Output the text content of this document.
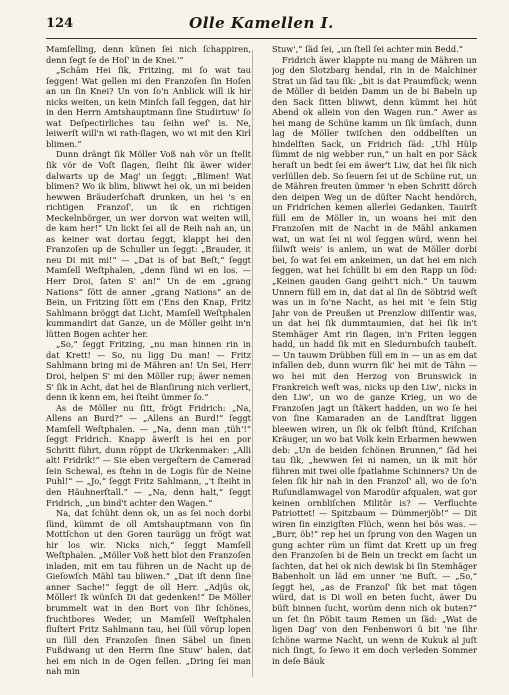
124	Olle Kamellen I.

Mamſelling, denn künen ſei nich ſchappiren, denn ſegt ſe de Hoſ' in de Knei.'“

„Schäm Hei ſik, Fritzing, mi ſo wat tau ſeggen! Wat gellen mi den Franzoſen ſin Hoſen an un ſin Knei? Un von ſo'n Anblick will ik hir nicks weiten, un kein Minſch ſall ſeggen, dat hir in den Herrn Amtshauptmann ſine Studirtuw' ſo wat Deſpectirliches tau ſeihn weſ' is. Ne, leiwerſt will'n wi rath-ſlagen, wo wi mit den Kirl blimen.“

Dunn drängt ſik Möller Voß nah vör un ſtellt ſik vör de Voſt ſlagen, ſleiht ſik äwer wider dalwarts up de Mag' un ſeggt: „Blimen! Wat blimen? Wo ik blim, bliwwt hei ok, un mi beiden hewwen Bräuderſchaft drunken, un hei 's en richtigen Franzoſ', un ik en richtigen Meckelnbörger, un wer dorvon wat weiten will, de kam her!“ Un lickt ſei all de Reih nah an, un as keiner wat dortau ſeggt, klappt hei den Franzoſen up de Schuller un ſeggt: „Brauder, it neu Di mit mi!“ — „Dat is of bat Beſt,“ ſeggt Mamſell Weſtphalen, „denn ſünd wi en los. — Herr Droi, ſaten S' an!“ Un de em „grang Nations“ ſött de anner „grang Nations“ an de Bein, un Fritzing ſött em ('Ens den Knap, Fritz Sahlmann bröggt dat Licht, Mamſell Weſtphalen kummandirt dat Ganze, un de Möller geiht in'n lütten Bogen achter her.

„So,“ ſeggt Fritzing, „nu man hinnen rin in dat Krett! — So, nu ligg Du man! — Fritz Sahlmann bring mi de Mähren an! Un Sei, Herr Droi, helpen S' mi den Möller rup; äwer nemen S' ſik in Acht, dat hei de Blanſirung nich verliert, denn ik kenn em, hei ſteiht ümmer ſo.“

As de Möller nu ſitt, frögt Fridrich: „Na, Allens an Burd?“ — „Allens an Burd!“ ſeggt Mamſell Weſtphalen. — „Na, denn man ‚tüh‘!“ ſeggt Fridrich. Knapp äwerſt is hei en por Schritt führt, dunn röppt de Ukrkenmaker: „Alli alt! Fridrik!“ — Sie eben vergeſtern de Camerad ſein Schewal, es ſtehn in de Logis für de Neine Puhl!“ — „Jo,“ ſeggt Fritz Sahlmann, „'t ſteiht in den Häuhnerſtall.“ — „Na, denn halt,“ ſeggt Fridrich, „un bind't achter den Wagen.“

Na, dat ſchüht denn ok, un as ſei noch dorbi ſünd, kümmt de oll Amtshauptmann von ſin Mottſchon ut den Goren taurügg un frögt wat hir los wir. Nicks nich,“ ſeggt Mamſell Weſtphalen. „Möller Voß hett blot den Franzoſen inladen, mit em tau führen un de Nacht up de Gieſowſch Mähl tau bliwen.“ „Dat iſt denn ſine anner Sache!“ ſeggt de oll Herr. „Adjüs ok, Möller! Ik wünſch Di dat gedenken!“ De Möller brummelt wat in den Bort von ſihr ſchönes, fruchtbores Weder, un Mamſell Weſtphalen fluſtert Fritz Sahlmann tau, hei ſüll vörup lopen un ſüll den Franzoſen ſinen Säbel un ſinen Fußdwang ut den Herrn ſine Stuw' halen, dat hei em nich in de Ogen fellen. „Dring ſei man nah min

Stuw',“ ſäd ſei, „un ſtell ſei achter min Bedd.“

Fridrich äwer klappte nu mang de Mähren un jog den Slotzbarg hendal, rin in de Malchiner Strat un ſäd tau ſik: „bit is dat Praumfück; wenn de Möller di beiden Damm un de bi Babeln up den Sack ſitten bliwwt, denn kümmt hei hüt Abend ok allein von den Wagen run.“ Awer as hei mang de Schüne kamm un ſik ümſach, dunn lag de Möller twiſchen den oddbelſten un hindelſten Sack, un Fridrich ſäd: „Uhl Hülp ſümmt de nig webber run,“ un halt en por Säck heraſt un bedt ſei em äwer't Liw, dat hei ſik nich verlüllen deb. So ſeuern ſei ut de Schüne rut, un de Mähren freuten ümmer 'n eben Schritt dörch den deipen Weg un de düſter Nacht hendörch, un Fridrichen kemen allerlei Gedanken. Tauirſt füll em de Möller in, un woans hei mit den Franzoſen mit de Nacht in de Mähl ankamen wat, un wat ſei ni wol ſeggen würd, wenn hei ſülwſt weis' is anlem, un wat de Möller dorbi bei, ſo wat ſei em ankeimen, un dat hei em nich ſeggen, wat hei ſchüllt bi em den Rapp un ſöd: „Keinen gauden Gang geiht't nich.“ Un tauwm Unnern füll em in, dat dat al ſin de Söbtrid weſt was un in ſo'ne Nacht, as hei mit 'e ſein Stig Jahr von de Preußen ut Prenzlow diſſentir was, un dat hei ſik dummtaumien, dat hei ſik in't Stemhäger Amt rin ſlagen, in'n Friten leggen hadd, un hadd ſik mit en Sledurnbuſch taubeſt. — Un tauwm Drübben füll em in — un as em dat infallen deb, dunn wurrn ſik' hei mit de Tähn — wo hei mit den Herzog von Brunswick in Frankreich weſt was, nicks up den Liw', nicks in den Liw', un wo de ganze Krieg, un wo de Franzoſen jagt un ſtäkert hadden, un wo ſe hei von ſine Kamaraden an de Landſtrat liggen bleewen wiren, un ſik ok ſelbſt ſtünd, Kriſchan Kräuger, un wo bat Volk kein Erbarmen hewwen deb: „Un de beiden ſchönen Brunnen,“ ſäd hei tau ſik, „hewwen ſei ni namen, un ik mit hör führen mit twei olle ſpatlahme Schinners? Un de ſelen ſik hir nah in den Franzoſ' all, wo de ſo'n Ruſundlamwagel von Marodür afqualen, wat gor keinen ornbliſchen Militör is? — Verfluchte Patriottet! — Spitzbaum — Dümmerjöb!“ — Dit wiren ſin einzigſten Flüch, wenn hei bös was. — „Burr, öb!“ rep hei un ſprung von den Wagen un gung achter rüm un fümt dat Krett up un freg den Franzoſen bi de Bein un treckt em ſacht un ſachten, dat hei ok nich dewisk bi ſin Stemhäger Babenholt un läd em unner 'ne Buſt. — „So,“ ſeggt hei, „as de Franzoſ' ſik bet mat tögen würd, dat is Di woll en beten ſucht, äwer Du büſt binnen ſucht, worüm denn nich ok buten?“ un ſet ſin Pöbit taum Remen un ſäd: „Wat de ligen Dag' von den Fenbenwori ü bit 'ne ſihr ſchöne warme Nacht, un wenn de Kukuk al juſt nich ſingt, ſo ſewo it em doch verleden Sommer in deſe Bäuk
